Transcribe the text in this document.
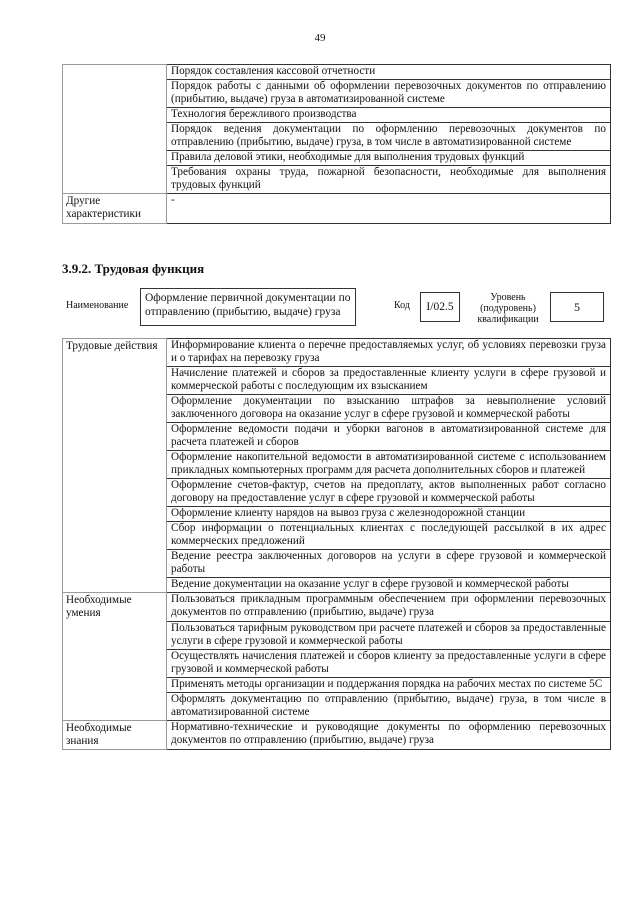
49
	Порядок составления кассовой отчетности
	Порядок работы с данными об оформлении перевозочных документов по отправлению (прибытию, выдаче) груза в автоматизированной системе
	Технология бережливого производства
	Порядок ведения документации по оформлению перевозочных документов по отправлению (прибытию, выдаче) груза, в том числе в автоматизированной системе
	Правила деловой этики, необходимые для выполнения трудовых функций
	Требования охраны труда, пожарной безопасности, необходимые для выполнения трудовых функций
Другие характеристики	-
3.9.2. Трудовая функция
Наименование
Оформление первичной документации по отправлению (прибытию, выдаче) груза
Код	I/02.5
Уровень (подуровень) квалификации
5
Трудовые действия	Информирование клиента о перечне предоставляемых услуг, об условиях перевозки груза и о тарифах на перевозку груза
	Начисление платежей и сборов за предоставленные клиенту услуги в сфере грузовой и коммерческой работы с последующим их взысканием
	Оформление документации по взысканию штрафов за невыполнение условий заключенного договора на оказание услуг в сфере грузовой и коммерческой работы
	Оформление ведомости подачи и уборки вагонов в автоматизированной системе для расчета платежей и сборов
	Оформление накопительной ведомости в автоматизированной системе с использованием прикладных компьютерных программ для расчета дополнительных сборов и платежей
	Оформление счетов-фактур, счетов на предоплату, актов выполненных работ согласно договору на предоставление услуг в сфере грузовой и коммерческой работы
	Оформление клиенту нарядов на вывоз груза с железнодорожной станции
	Сбор информации о потенциальных клиентах с последующей рассылкой в их адрес коммерческих предложений
	Ведение реестра заключенных договоров на услуги в сфере грузовой и коммерческой работы
	Ведение документации на оказание услуг в сфере грузовой и коммерческой работы
Необходимые умения	Пользоваться прикладным программным обеспечением при оформлении перевозочных документов по отправлению (прибытию, выдаче) груза
	Пользоваться тарифным руководством при расчете платежей и сборов за предоставленные услуги в сфере грузовой и коммерческой работы
	Осуществлять начисления платежей и сборов клиенту за предоставленные услуги в сфере грузовой и коммерческой работы
	Применять методы организации и поддержания порядка на рабочих местах по системе 5С
	Оформлять документацию по отправлению (прибытию, выдаче) груза, в том числе в автоматизированной системе
Необходимые знания	Нормативно-технические и руководящие документы по оформлению перевозочных документов по отправлению (прибытию, выдаче) груза
